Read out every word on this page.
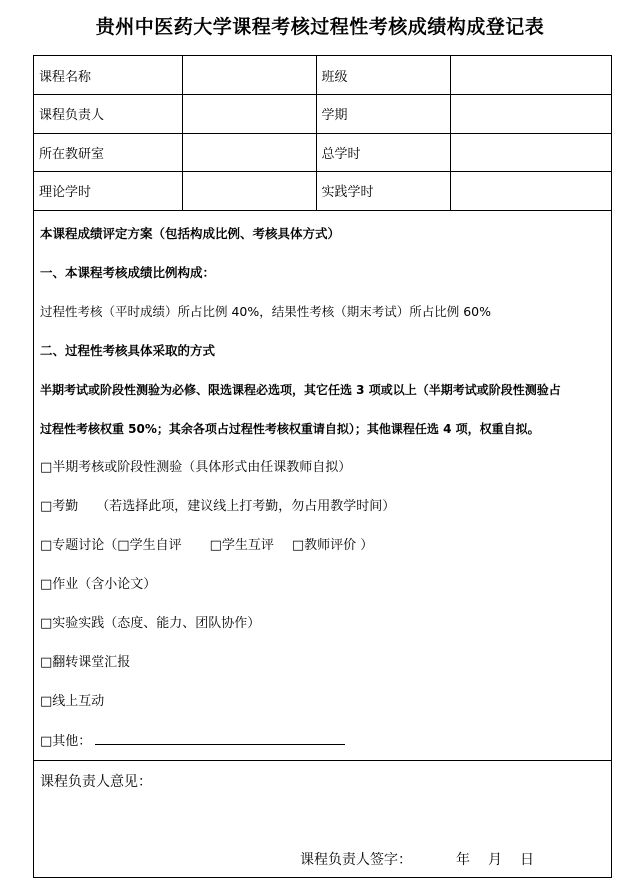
贵州中医药大学课程考核过程性考核成绩构成登记表
课程名称		班级	
课程负责人		学期	
所在教研室		总学时	
理论学时		实践学时	
本课程成绩评定方案（包括构成比例、考核具体方式）
一、本课程考核成绩比例构成：
过程性考核（平时成绩）所占比例 40%，结果性考核（期末考试）所占比例 60%
二、过程性考核具体采取的方式
半期考试或阶段性测验为必修、限选课程必选项，其它任选 3 项或以上（半期考试或阶段性测验占
过程性考核权重 50%；其余各项占过程性考核权重请自拟）；其他课程任选 4 项，权重自拟。
□半期考核或阶段性测验（具体形式由任课教师自拟）
□考勤 （若选择此项，建议线上打考勤，勿占用教学时间）
□专题讨论（□学生自评 □学生互评 □教师评价 ）
□作业（含小论文）
□实验实践（态度、能力、团队协作）
□翻转课堂汇报
□线上互动
□其他：
课程负责人意见：
课程负责人签字：	年 月 日
